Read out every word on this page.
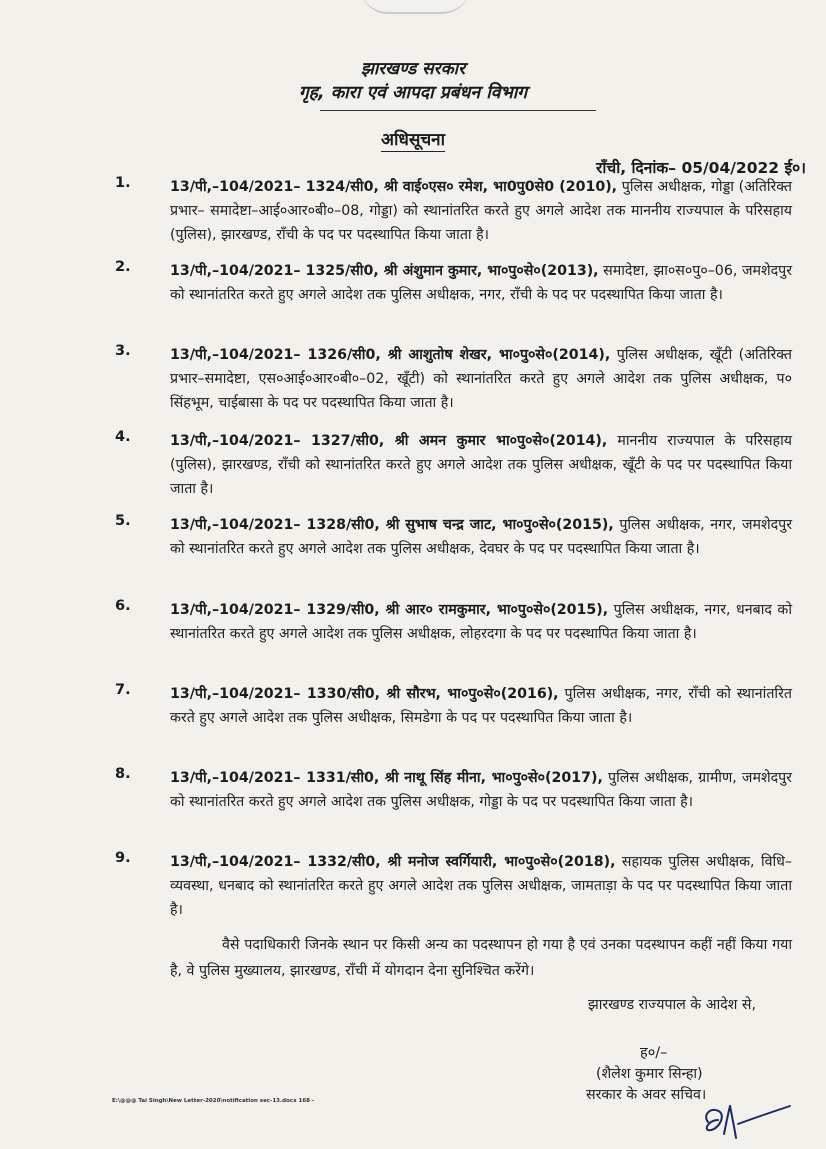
झारखण्ड सरकार
गृह, कारा एवं आपदा प्रबंधन विभाग
अधिसूचना
राँची, दिनांक– 05/04/2022 ई०।
1.	13/पी,–104/2021– 1324/सी0, श्री वाई०एस० रमेश, भा0पु0से0 (2010), पुलिस अधीक्षक, गोड्डा (अतिरिक्त प्रभार– समादेष्टा–आई०आर०बी०–08, गोड्डा) को स्थानांतरित करते हुए अगले आदेश तक माननीय राज्यपाल के परिसहाय (पुलिस), झारखण्ड, राँची के पद पर पदस्थापित किया जाता है।
2.	13/पी,–104/2021– 1325/सी0, श्री अंशुमान कुमार, भा०पु०से०(2013), समादेष्टा, झा०स०पु०–06, जमशेदपुर को स्थानांतरित करते हुए अगले आदेश तक पुलिस अधीक्षक, नगर, राँची के पद पर पदस्थापित किया जाता है।
3.	13/पी,–104/2021– 1326/सी0, श्री आशुतोष शेखर, भा०पु०से०(2014), पुलिस अधीक्षक, खूँटी (अतिरिक्त प्रभार–समादेष्टा, एस०आई०आर०बी०–02, खूँटी) को स्थानांतरित करते हुए अगले आदेश तक पुलिस अधीक्षक, प० सिंहभूम, चाईबासा के पद पर पदस्थापित किया जाता है।
4.	13/पी,–104/2021– 1327/सी0, श्री अमन कुमार भा०पु०से०(2014), माननीय राज्यपाल के परिसहाय (पुलिस), झारखण्ड, राँची को स्थानांतरित करते हुए अगले आदेश तक पुलिस अधीक्षक, खूँटी के पद पर पदस्थापित किया जाता है।
5.	13/पी,–104/2021– 1328/सी0, श्री सुभाष चन्द्र जाट, भा०पु०से०(2015), पुलिस अधीक्षक, नगर, जमशेदपुर को स्थानांतरित करते हुए अगले आदेश तक पुलिस अधीक्षक, देवघर के पद पर पदस्थापित किया जाता है।
6.	13/पी,–104/2021– 1329/सी0, श्री आर० रामकुमार, भा०पु०से०(2015), पुलिस अधीक्षक, नगर, धनबाद को स्थानांतरित करते हुए अगले आदेश तक पुलिस अधीक्षक, लोहरदगा के पद पर पदस्थापित किया जाता है।
7.	13/पी,–104/2021– 1330/सी0, श्री सौरभ, भा०पु०से०(2016), पुलिस अधीक्षक, नगर, राँची को स्थानांतरित करते हुए अगले आदेश तक पुलिस अधीक्षक, सिमडेगा के पद पर पदस्थापित किया जाता है।
8.	13/पी,–104/2021– 1331/सी0, श्री नाथू सिंह मीना, भा०पु०से०(2017), पुलिस अधीक्षक, ग्रामीण, जमशेदपुर को स्थानांतरित करते हुए अगले आदेश तक पुलिस अधीक्षक, गोड्डा के पद पर पदस्थापित किया जाता है।
9.	13/पी,–104/2021– 1332/सी0, श्री मनोज स्वर्गियारी, भा०पु०से०(2018), सहायक पुलिस अधीक्षक, विधि–व्यवस्था, धनबाद को स्थानांतरित करते हुए अगले आदेश तक पुलिस अधीक्षक, जामताड़ा के पद पर पदस्थापित किया जाता है।
वैसे पदाधिकारी जिनके स्थान पर किसी अन्य का पदस्थापन हो गया है एवं उनका पदस्थापन कहीं नहीं किया गया है, वे पुलिस मुख्यालय, झारखण्ड, राँची में योगदान देना सुनिश्चित करेंगे।
झारखण्ड राज्यपाल के आदेश से,
ह०/–
(शैलेश कुमार सिन्हा)
सरकार के अवर सचिव।
E:\@@@ Tai Singh\New Letter-2020\notification sec-13.docx 168 -
